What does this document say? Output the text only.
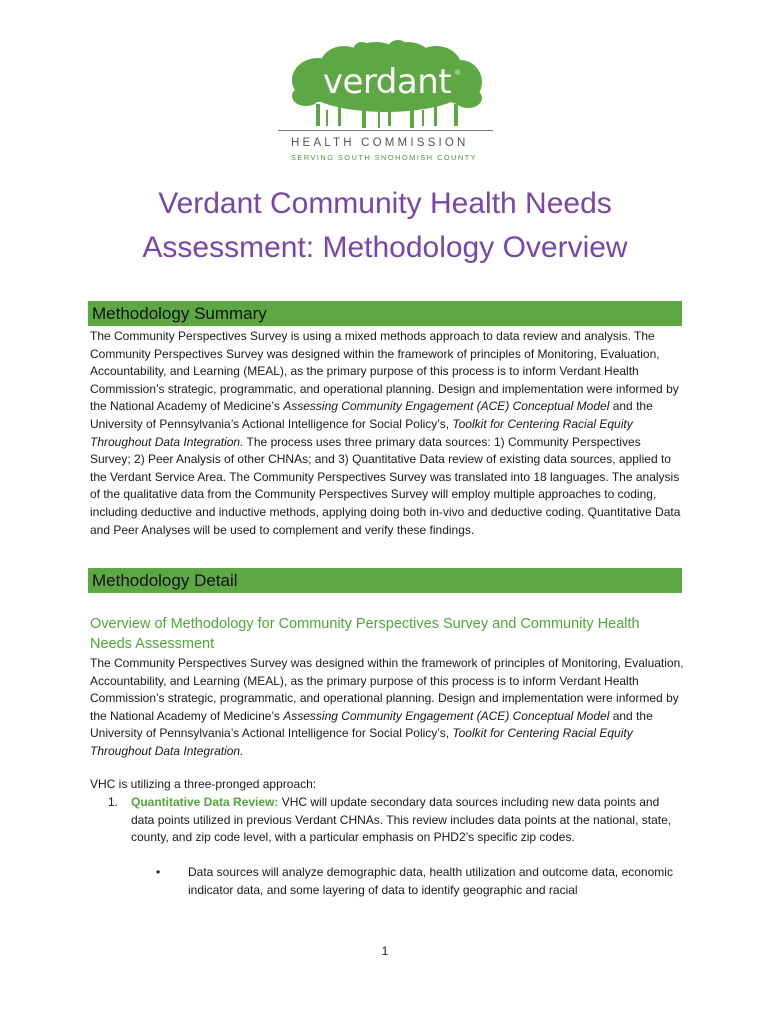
verdant ®
HEALTH COMMISSION
SERVING SOUTH SNOHOMISH COUNTY
Verdant Community Health Needs
Assessment: Methodology Overview
Methodology Summary
The Community Perspectives Survey is using a mixed methods approach to data review and analysis. The Community Perspectives Survey was designed within the framework of principles of Monitoring, Evaluation, Accountability, and Learning (MEAL), as the primary purpose of this process is to inform Verdant Health Commission’s strategic, programmatic, and operational planning. Design and implementation were informed by the National Academy of Medicine’s Assessing Community Engagement (ACE) Conceptual Model and the University of Pennsylvania’s Actional Intelligence for Social Policy’s, Toolkit for Centering Racial Equity Throughout Data Integration. The process uses three primary data sources: 1) Community Perspectives Survey; 2) Peer Analysis of other CHNAs; and 3) Quantitative Data review of existing data sources, applied to the Verdant Service Area. The Community Perspectives Survey was translated into 18 languages. The analysis of the qualitative data from the Community Perspectives Survey will employ multiple approaches to coding, including deductive and inductive methods, applying doing both in-vivo and deductive coding. Quantitative Data and Peer Analyses will be used to complement and verify these findings.
Methodology Detail
Overview of Methodology for Community Perspectives Survey and Community Health Needs Assessment
The Community Perspectives Survey was designed within the framework of principles of Monitoring, Evaluation, Accountability, and Learning (MEAL), as the primary purpose of this process is to inform Verdant Health Commission’s strategic, programmatic, and operational planning. Design and implementation were informed by the National Academy of Medicine’s Assessing Community Engagement (ACE) Conceptual Model and the University of Pennsylvania’s Actional Intelligence for Social Policy’s, Toolkit for Centering Racial Equity Throughout Data Integration.
VHC is utilizing a three-pronged approach:
1. Quantitative Data Review: VHC will update secondary data sources including new data points and data points utilized in previous Verdant CHNAs. This review includes data points at the national, state, county, and zip code level, with a particular emphasis on PHD2’s specific zip codes.
• Data sources will analyze demographic data, health utilization and outcome data, economic indicator data, and some layering of data to identify geographic and racial
1
